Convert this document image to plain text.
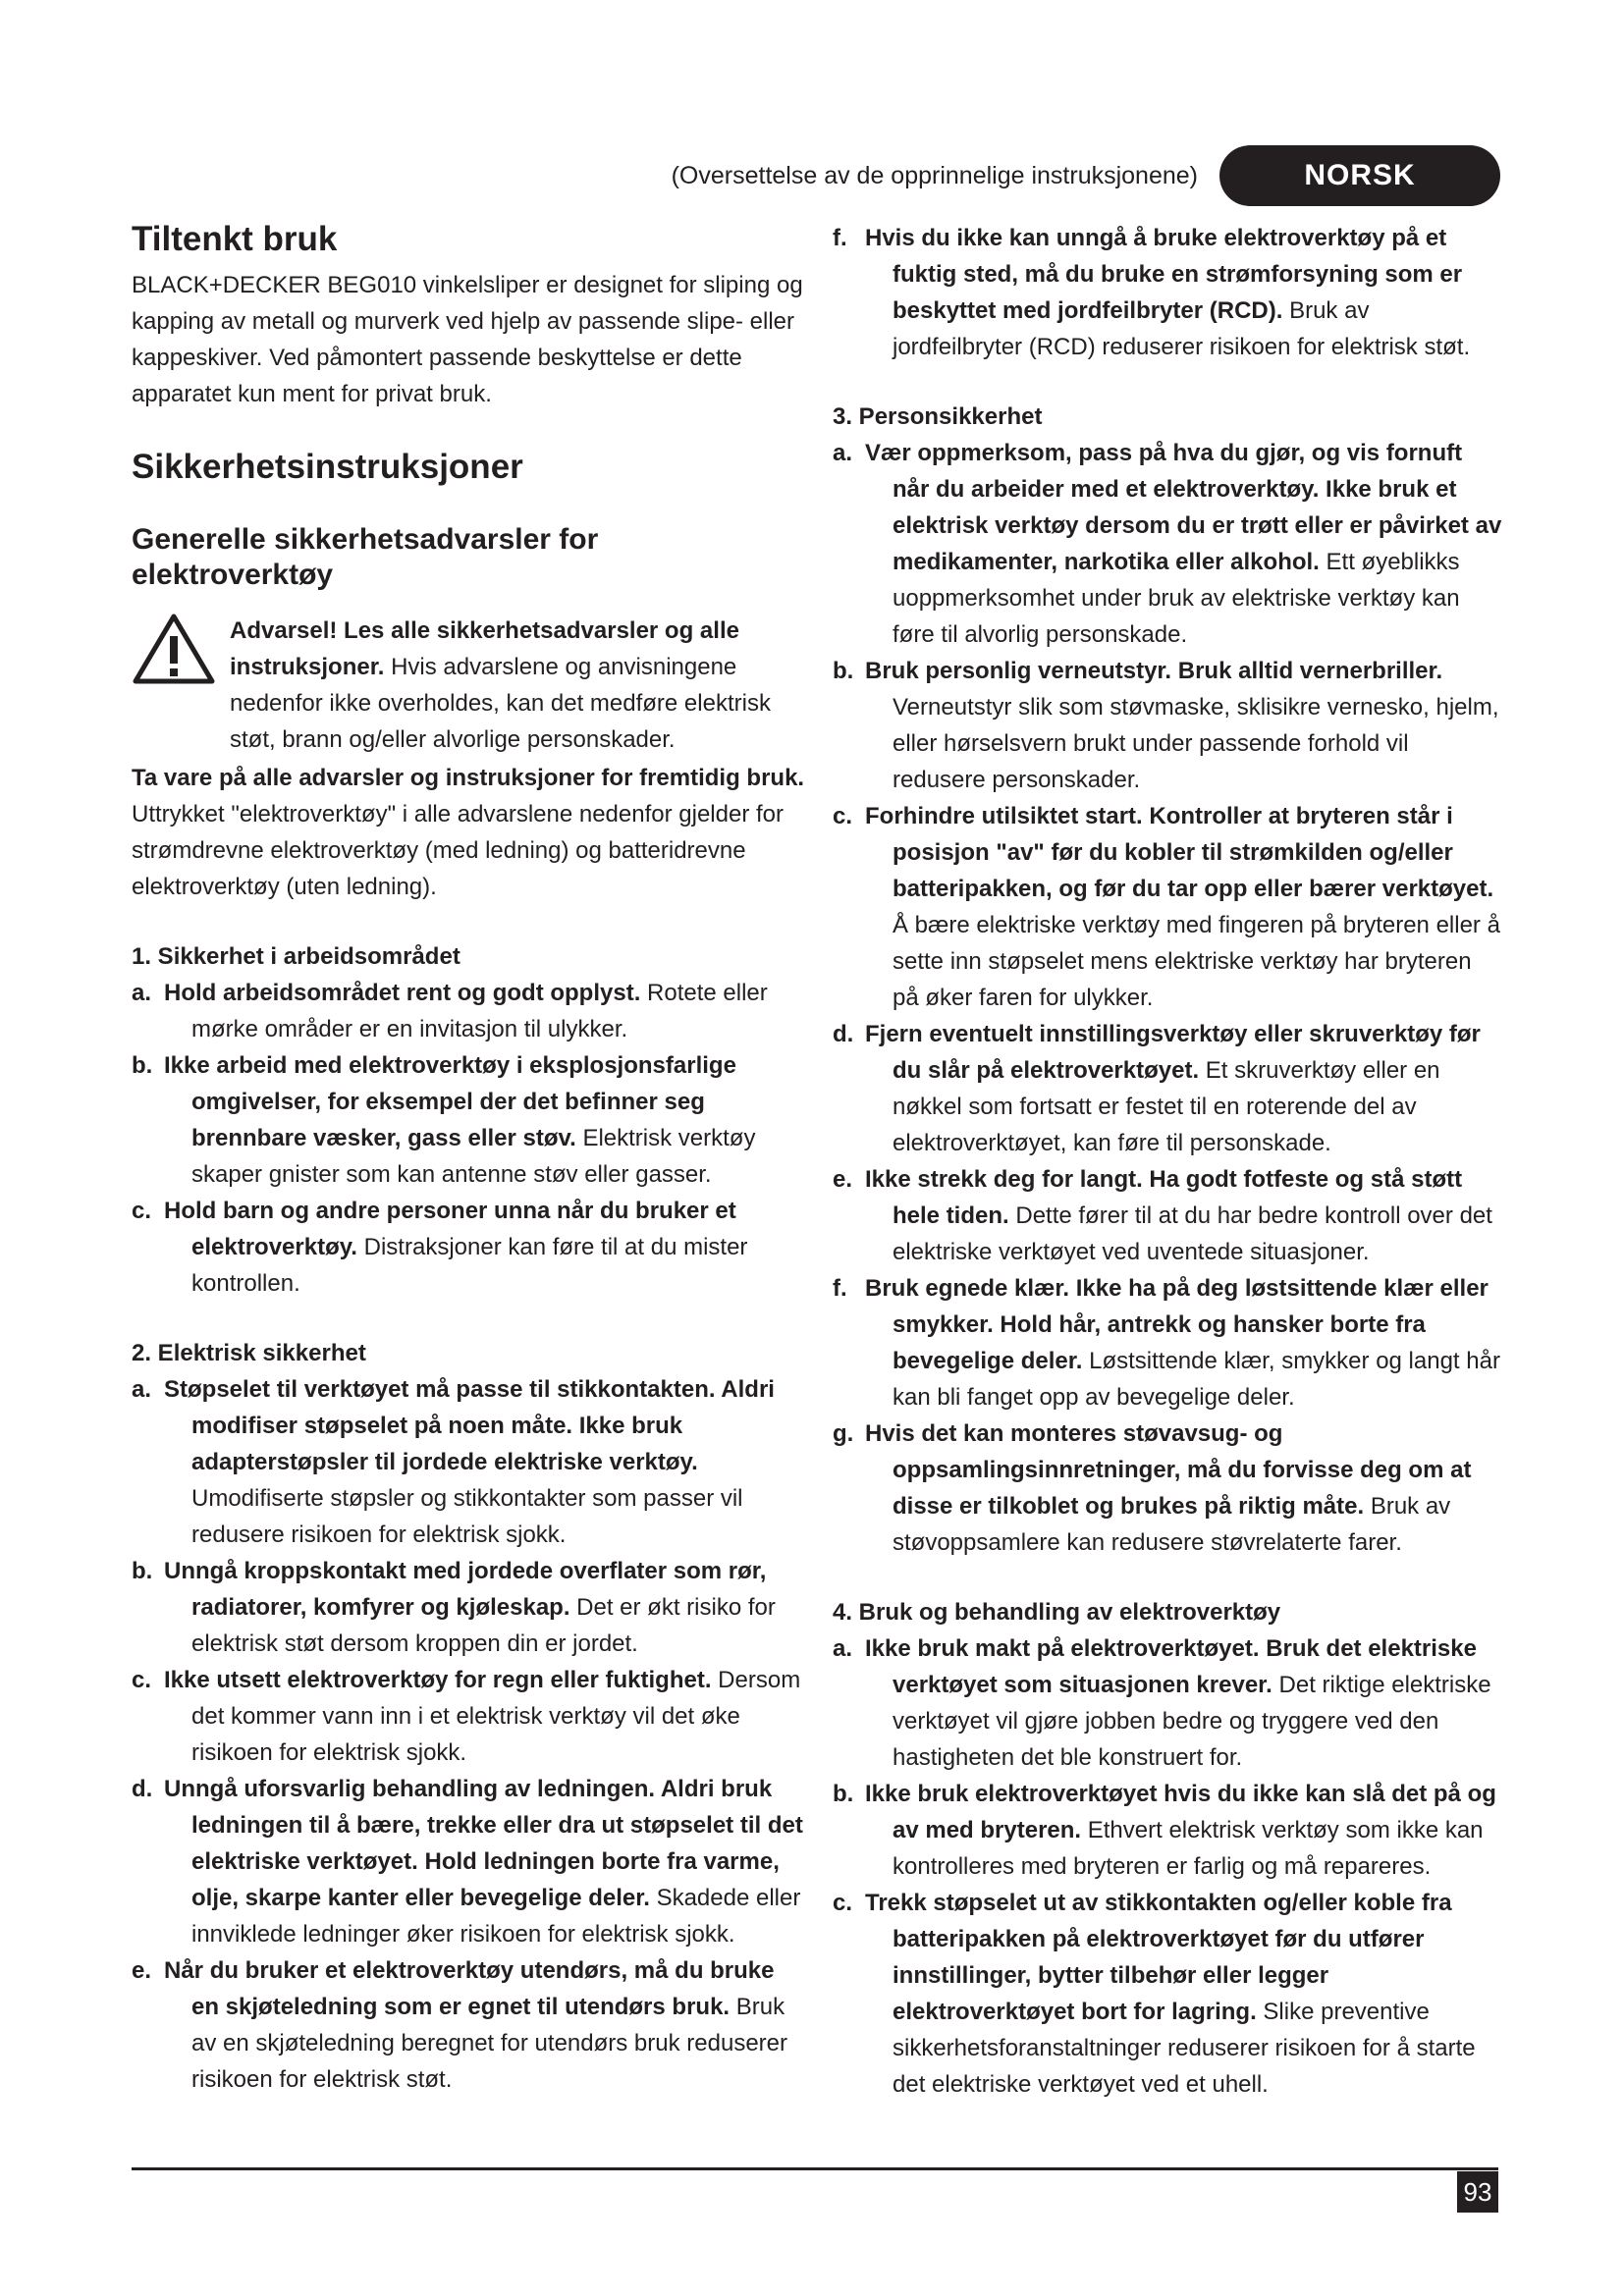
(Oversettelse av de opprinnelige instruksjonene)	NORSK
Tiltenkt bruk

BLACK+DECKER BEG010 vinkelsliper er designet for sliping og kapping av metall og murverk ved hjelp av passende slipe- eller kappeskiver. Ved påmontert passende beskyttelse er dette apparatet kun ment for privat bruk.

Sikkerhetsinstruksjoner
Generelle sikkerhetsadvarsler for elektroverktøy
Advarsel! Les alle sikkerhetsadvarsler og alle instruksjoner. Hvis advarslene og anvisningene nedenfor ikke overholdes, kan det medføre elektrisk støt, brann og/eller alvorlige personskader.

Ta vare på alle advarsler og instruksjoner for fremtidig bruk. Uttrykket "elektroverktøy" i alle advarslene nedenfor gjelder for strømdrevne elektroverktøy (med ledning) og batteridrevne elektroverktøy (uten ledning).

1. Sikkerhet i arbeidsområdet

a. Hold arbeidsområdet rent og godt opplyst. Rotete eller mørke områder er en invitasjon til ulykker.
b. Ikke arbeid med elektroverktøy i eksplosjonsfarlige omgivelser, for eksempel der det befinner seg brennbare væsker, gass eller støv. Elektrisk verktøy skaper gnister som kan antenne støv eller gasser.
c. Hold barn og andre personer unna når du bruker et elektroverktøy. Distraksjoner kan føre til at du mister kontrollen.

2. Elektrisk sikkerhet

a. Støpselet til verktøyet må passe til stikkontakten. Aldri modifiser støpselet på noen måte. Ikke bruk adapterstøpsler til jordede elektriske verktøy. Umodifiserte støpsler og stikkontakter som passer vil redusere risikoen for elektrisk sjokk.
b. Unngå kroppskontakt med jordede overflater som rør, radiatorer, komfyrer og kjøleskap. Det er økt risiko for elektrisk støt dersom kroppen din er jordet.
c. Ikke utsett elektroverktøy for regn eller fuktighet. Dersom det kommer vann inn i et elektrisk verktøy vil det øke risikoen for elektrisk sjokk.
d. Unngå uforsvarlig behandling av ledningen. Aldri bruk ledningen til å bære, trekke eller dra ut støpselet til det elektriske verktøyet. Hold ledningen borte fra varme, olje, skarpe kanter eller bevegelige deler. Skadede eller innviklede ledninger øker risikoen for elektrisk sjokk.
e. Når du bruker et elektroverktøy utendørs, må du bruke en skjøteledning som er egnet til utendørs bruk. Bruk av en skjøteledning beregnet for utendørs bruk reduserer risikoen for elektrisk støt.
f. Hvis du ikke kan unngå å bruke elektroverktøy på et fuktig sted, må du bruke en strømforsyning som er beskyttet med jordfeilbryter (RCD). Bruk av jordfeilbryter (RCD) reduserer risikoen for elektrisk støt.

3. Personsikkerhet

a. Vær oppmerksom, pass på hva du gjør, og vis fornuft når du arbeider med et elektroverktøy. Ikke bruk et elektrisk verktøy dersom du er trøtt eller er påvirket av medikamenter, narkotika eller alkohol. Ett øyeblikks uoppmerksomhet under bruk av elektriske verktøy kan føre til alvorlig personskade.
b. Bruk personlig verneutstyr. Bruk alltid vernerbriller. Verneutstyr slik som støvmaske, sklisikre vernesko, hjelm, eller hørselsvern brukt under passende forhold vil redusere personskader.
c. Forhindre utilsiktet start. Kontroller at bryteren står i posisjon "av" før du kobler til strømkilden og/eller batteripakken, og før du tar opp eller bærer verktøyet. Å bære elektriske verktøy med fingeren på bryteren eller å sette inn støpselet mens elektriske verktøy har bryteren på øker faren for ulykker.
d. Fjern eventuelt innstillingsverktøy eller skruverktøy før du slår på elektroverktøyet. Et skruverktøy eller en nøkkel som fortsatt er festet til en roterende del av elektroverktøyet, kan føre til personskade.
e. Ikke strekk deg for langt. Ha godt fotfeste og stå støtt hele tiden. Dette fører til at du har bedre kontroll over det elektriske verktøyet ved uventede situasjoner.
f. Bruk egnede klær. Ikke ha på deg løstsittende klær eller smykker. Hold hår, antrekk og hansker borte fra bevegelige deler. Løstsittende klær, smykker og langt hår kan bli fanget opp av bevegelige deler.
g. Hvis det kan monteres støvavsug- og oppsamlingsinnretninger, må du forvisse deg om at disse er tilkoblet og brukes på riktig måte. Bruk av støvoppsamlere kan redusere støvrelaterte farer.

4. Bruk og behandling av elektroverktøy

a. Ikke bruk makt på elektroverktøyet. Bruk det elektriske verktøyet som situasjonen krever. Det riktige elektriske verktøyet vil gjøre jobben bedre og tryggere ved den hastigheten det ble konstruert for.
b. Ikke bruk elektroverktøyet hvis du ikke kan slå det på og av med bryteren. Ethvert elektrisk verktøy som ikke kan kontrolleres med bryteren er farlig og må repareres.
c. Trekk støpselet ut av stikkontakten og/eller koble fra batteripakken på elektroverktøyet før du utfører innstillinger, bytter tilbehør eller legger elektroverktøyet bort for lagring. Slike preventive sikkerhetsforanstaltninger reduserer risikoen for å starte det elektriske verktøyet ved et uhell.
93
